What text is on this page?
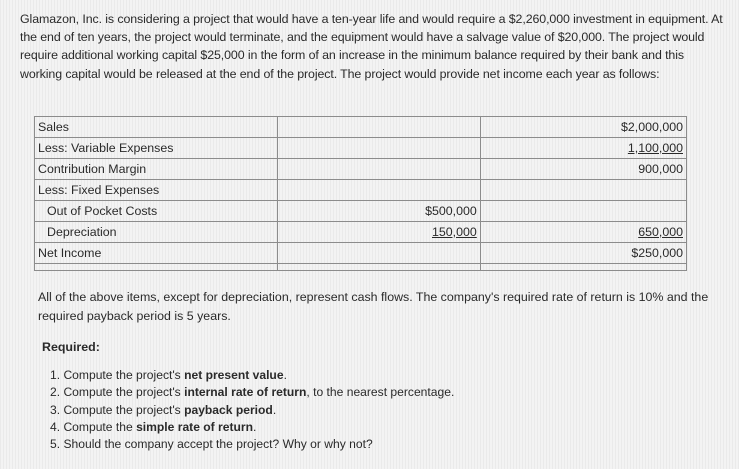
Glamazon, Inc. is considering a project that would have a ten-year life and would require a $2,260,000 investment in equipment. At the end of ten years, the project would terminate, and the equipment would have a salvage value of $20,000. The project would require additional working capital $25,000 in the form of an increase in the minimum balance required by their bank and this working capital would be released at the end of the project. The project would provide net income each year as follows:
Sales		$2,000,000
Less: Variable Expenses		1,100,000
Contribution Margin		900,000
Less: Fixed Expenses		
Out of Pocket Costs	$500,000	
Depreciation	150,000	650,000
Net Income		$250,000

All of the above items, except for depreciation, represent cash flows. The company's required rate of return is 10% and the required payback period is 5 years.
Required:
1. Compute the project's net present value.
2. Compute the project's internal rate of return, to the nearest percentage.
3. Compute the project's payback period.
4. Compute the simple rate of return.
5. Should the company accept the project? Why or why not?
